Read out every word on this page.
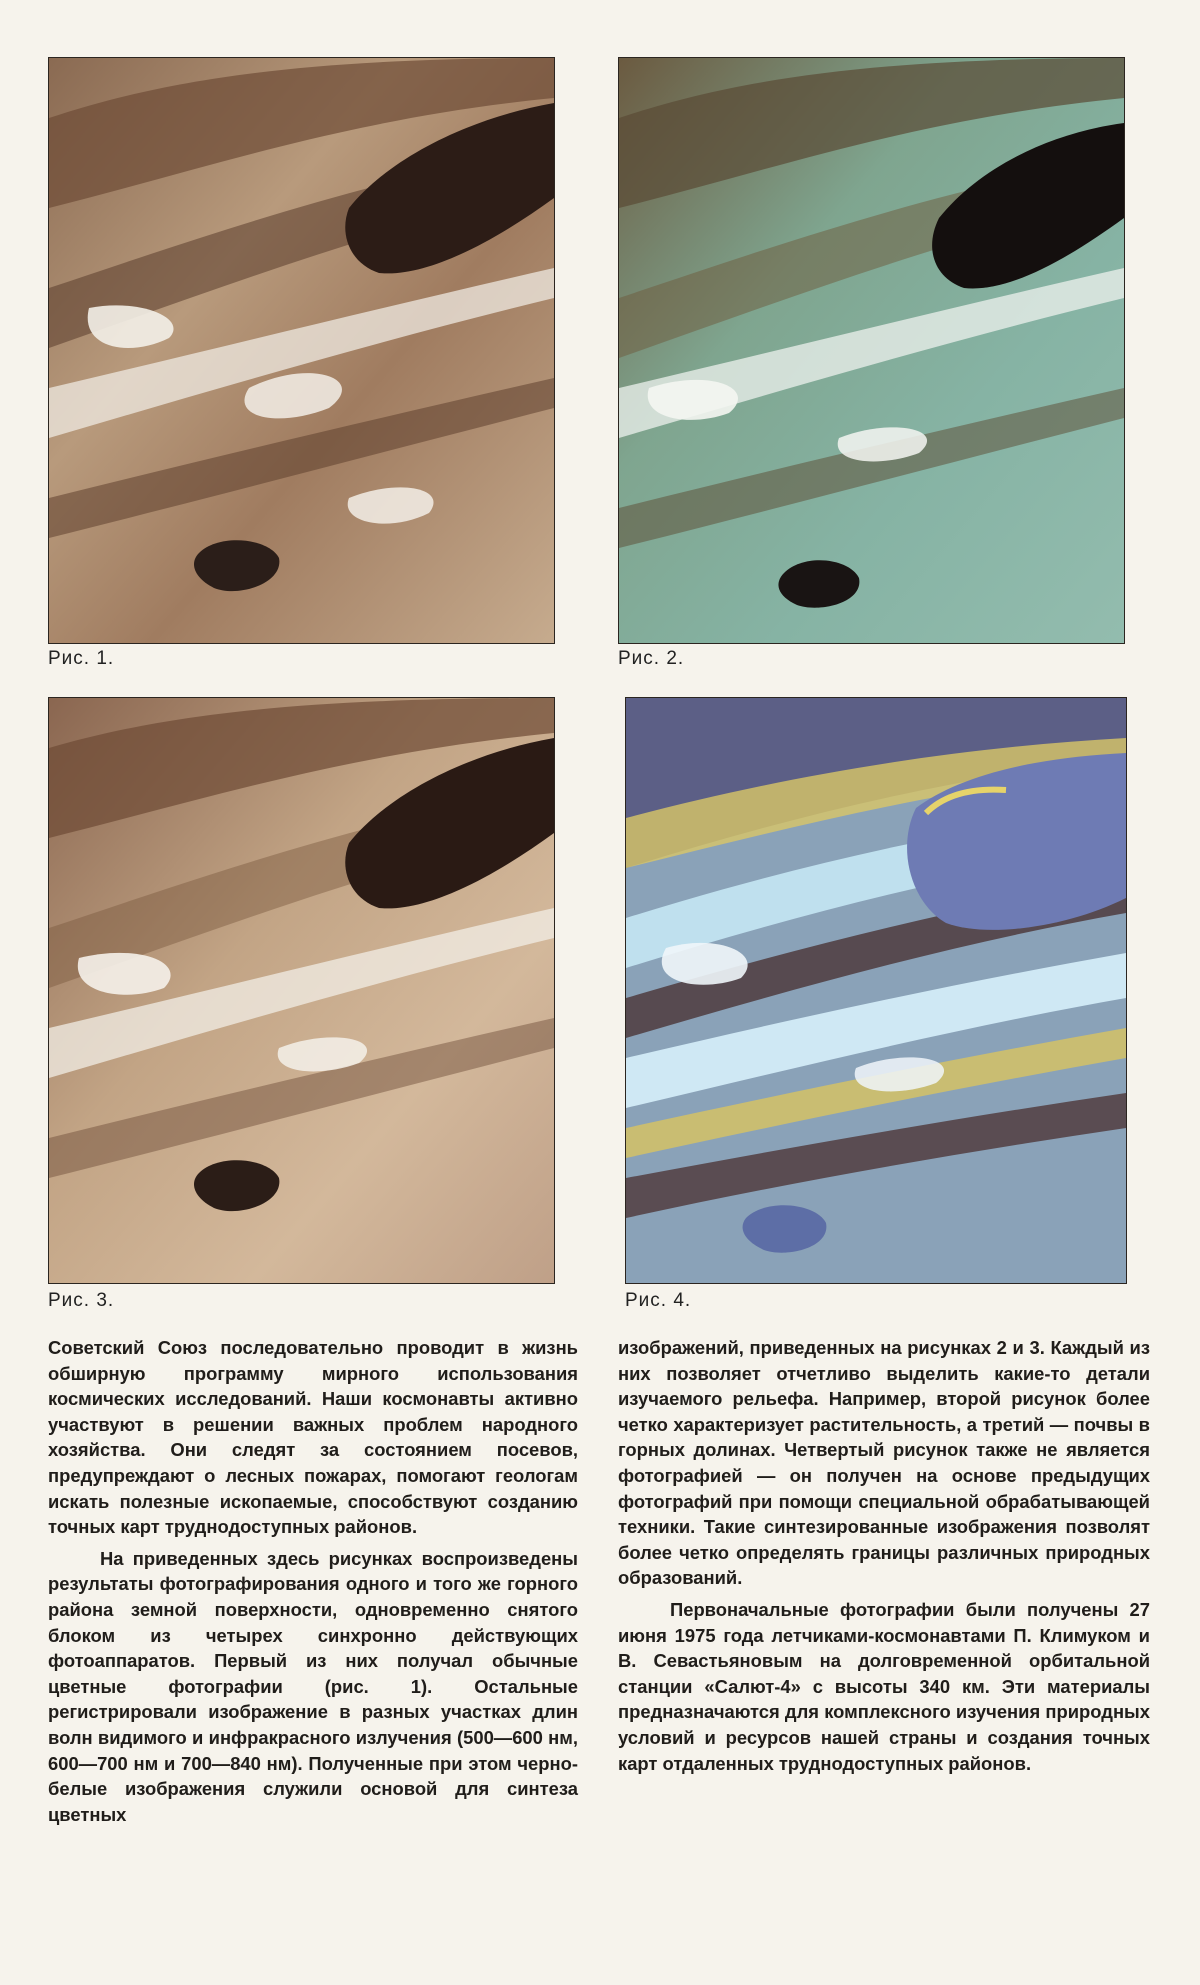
Рис. 1.	Рис. 2.
Рис. 3.	Рис. 4.

Советский Союз последовательно проводит в жизнь обширную программу мирного использования космических исследований. Наши космонавты активно участвуют в решении важных проблем народного хозяйства. Они следят за состоянием посевов, предупреждают о лесных пожарах, помогают геологам искать полезные ископаемые, способствуют созданию точных карт труднодоступных районов.

На приведенных здесь рисунках воспроизведены результаты фотографирования одного и того же горного района земной поверхности, одновременно снятого блоком из четырех синхронно действующих фотоаппаратов. Первый из них получал обычные цветные фотографии (рис. 1). Остальные регистрировали изображение в разных участках длин волн видимого и инфракрасного излучения (500—600 нм, 600—700 нм и 700—840 нм). Полученные при этом черно-белые изображения служили основой для синтеза цветных

изображений, приведенных на рисунках 2 и 3. Каждый из них позволяет отчетливо выделить какие-то детали изучаемого рельефа. Например, второй рисунок более четко характеризует растительность, а третий — почвы в горных долинах. Четвертый рисунок также не является фотографией — он получен на основе предыдущих фотографий при помощи специальной обрабатывающей техники. Такие синтезированные изображения позволят более четко определять границы различных природных образований.

Первоначальные фотографии были получены 27 июня 1975 года летчиками-космонавтами П. Климуком и В. Севастьяновым на долговременной орбитальной станции «Салют-4» с высоты 340 км. Эти материалы предназначаются для комплексного изучения природных условий и ресурсов нашей страны и создания точных карт отдаленных труднодоступных районов.
